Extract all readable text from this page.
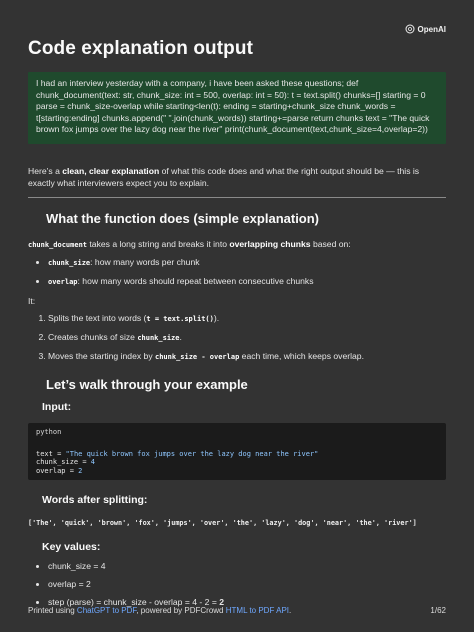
OpenAI
Code explanation output
I had an interview yesterday with a company, i have been asked these questions; def chunk_document(text: str, chunk_size: int = 500, overlap: int = 50): t = text.split() chunks=[] starting = 0 parse = chunk_size-overlap while starting<len(t): ending = starting+chunk_size chunk_words = t[starting:ending] chunks.append(" ".join(chunk_words)) starting+=parse return chunks text = "The quick brown fox jumps over the lazy dog near the river" print(chunk_document(text,chunk_size=4,overlap=2))
Here’s a clean, clear explanation of what this code does and what the right output should be — this is exactly what interviewers expect you to explain.
What the function does (simple explanation)

chunk_document takes a long string and breaks it into overlapping chunks based on:

• chunk_size: how many words per chunk
• overlap: how many words should repeat between consecutive chunks

It:

1. Splits the text into words (t = text.split()).
2. Creates chunks of size chunk_size.
3. Moves the starting index by chunk_size - overlap each time, which keeps overlap.
Let’s walk through your example
Input:
python
text = "The quick brown fox jumps over the lazy dog near the river"
chunk_size = 4
overlap = 2
Words after splitting:
['The', 'quick', 'brown', 'fox', 'jumps', 'over', 'the', 'lazy', 'dog', 'near', 'the', 'river']
Key values:
• chunk_size = 4
• overlap = 2
• step (parse) = chunk_size - overlap = 4 - 2 = 2
Printed using ChatGPT to PDF, powered by PDFCrowd HTML to PDF API.	1/62
